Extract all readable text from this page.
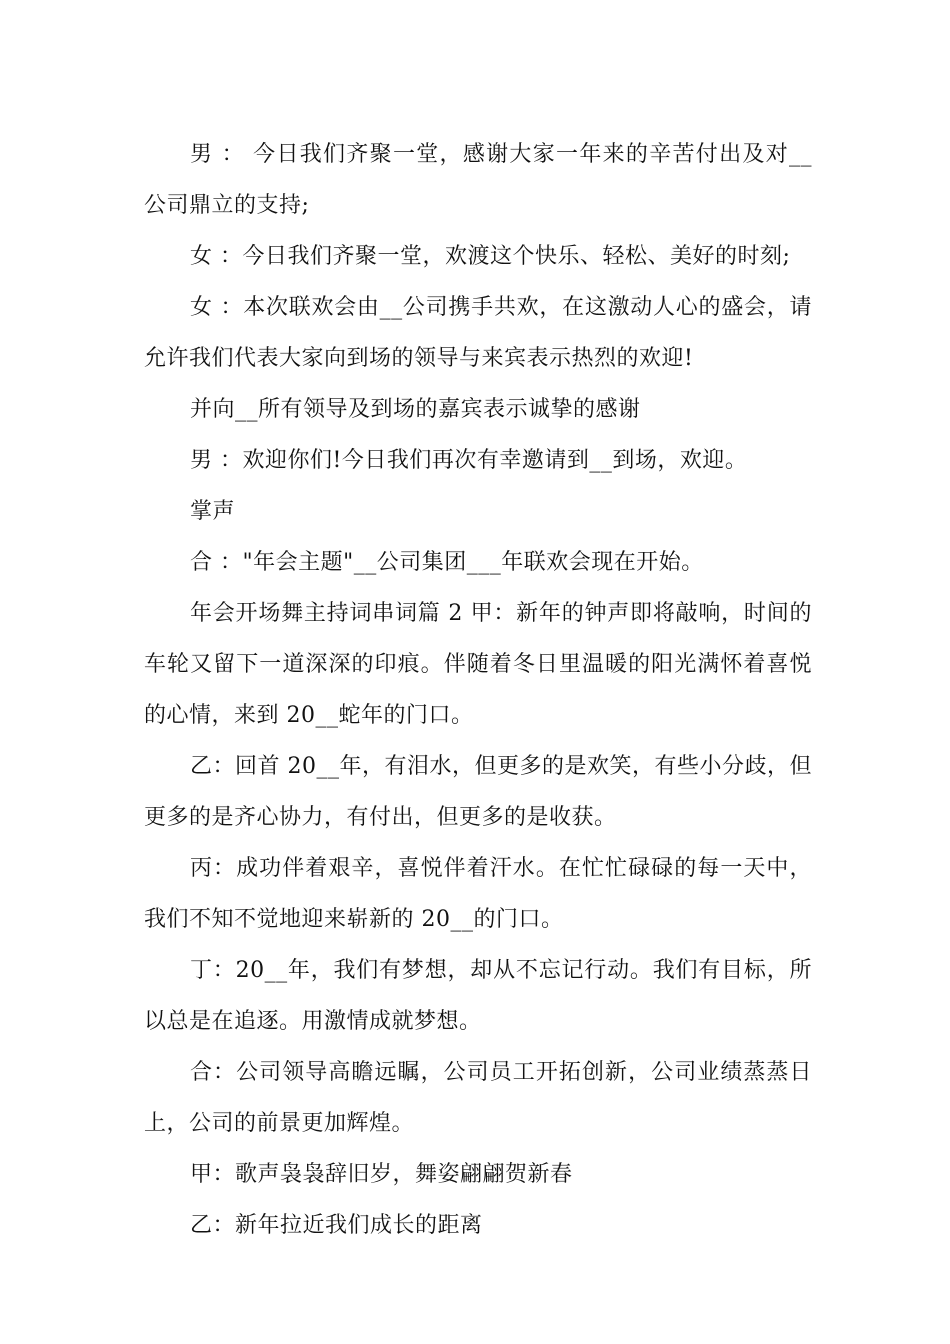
男 ： 今日我们齐聚一堂，感谢大家一年来的辛苦付出及对__公司鼎立的支持;

女 ：今日我们齐聚一堂，欢渡这个快乐、轻松、美好的时刻;

女 ：本次联欢会由__公司携手共欢，在这激动人心的盛会，请允许我们代表大家向到场的领导与来宾表示热烈的欢迎!

并向__所有领导及到场的嘉宾表示诚挚的感谢

男 ：欢迎你们!今日我们再次有幸邀请到__到场，欢迎。

掌声

合 ："年会主题"__公司集团___年联欢会现在开始。

年会开场舞主持词串词篇 2 甲：新年的钟声即将敲响，时间的车轮又留下一道深深的印痕。伴随着冬日里温暖的阳光满怀着喜悦的心情，来到 20__蛇年的门口。

乙：回首 20__年，有泪水，但更多的是欢笑，有些小分歧，但更多的是齐心协力，有付出，但更多的是收获。

丙：成功伴着艰辛，喜悦伴着汗水。在忙忙碌碌的每一天中，我们不知不觉地迎来崭新的 20__的门口。

丁：20__年，我们有梦想，却从不忘记行动。我们有目标，所以总是在追逐。用激情成就梦想。

合：公司领导高瞻远瞩，公司员工开拓创新，公司业绩蒸蒸日上，公司的前景更加辉煌。

甲：歌声袅袅辞旧岁，舞姿翩翩贺新春

乙：新年拉近我们成长的距离
